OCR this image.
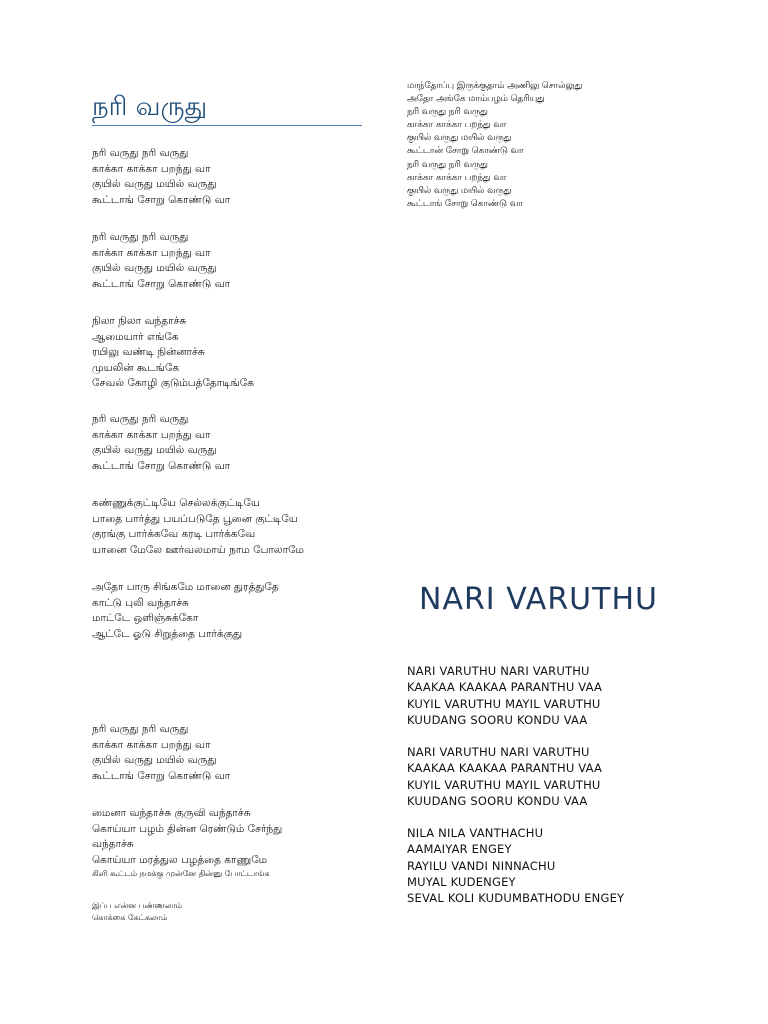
நரி வருது
நரி வருது நரி வருது
காக்கா காக்கா பறந்து வா
குயில் வருது மயில் வருது
கூட்டாங் சோறு கொண்டு வா
நரி வருது நரி வருது
காக்கா காக்கா பறந்து வா
குயில் வருது மயில் வருது
கூட்டாங் சோறு கொண்டு வா
நிலா நிலா வந்தாச்சு
ஆமையார் எங்கே
ரயிலு வண்டி நின்னாச்சு
முயலின் கூடங்கே
சேவல் கோழி குடும்பத்தோடிங்கே
நரி வருது நரி வருது
காக்கா காக்கா பறந்து வா
குயில் வருது மயில் வருது
கூட்டாங் சோறு கொண்டு வா
கண்ணுக்குட்டியே செல்லக்குட்டியே
பாதை பார்த்து பயப்படுதே பூனை குட்டியே
குரங்கு பார்க்கவே கரடி பார்க்கவே
யானை மேலே ஊர்வலமாய் நாம போலாமே
அதோ பாரு சிங்கமே மானை துரத்துதே
காட்டு புலி வந்தாச்சு
மாட்டே ஒளிஞ்சுக்கோ
ஆட்டே ஓடு சிறுத்தை பார்க்குது
நரி வருது நரி வருது
காக்கா காக்கா பறந்து வா
குயில் வருது மயில் வருது
கூட்டாங் சோறு கொண்டு வா
மைனா வந்தாச்சு குருவி வந்தாச்சு
கொய்யா பழம் தின்ன ரெண்டும் சேர்ந்து
வந்தாச்சு
கொய்யா மரத்துல பழத்தை காணுமே
கிளி கூட்டம் நமக்கு முன்னே தின்னு போட்டாங்க
இப்ப என்ன பண்ணலாம்
கொக்கை கேட்கலாம்
மாந்தோப்பு இருக்குதாம் அணிலு சொல்லுது
அதோ அங்கே மாம்பழம் தெரியுது
நரி வருது நரி வருது
காக்கா காக்கா பறந்து வா
குயில் வருது மயில் வருது
கூட்டான் சோறு கொண்டு வா
நரி வருது நரி வருது
காக்கா காக்கா பறந்து வா
குயில் வருது மயில் வருது
கூட்டாங் சோறு கொண்டு வா
NARI VARUTHU
NARI VARUTHU NARI VARUTHU
KAAKAA KAAKAA PARANTHU VAA
KUYIL VARUTHU MAYIL VARUTHU
KUUDANG SOORU KONDU VAA
NARI VARUTHU NARI VARUTHU
KAAKAA KAAKAA PARANTHU VAA
KUYIL VARUTHU MAYIL VARUTHU
KUUDANG SOORU KONDU VAA
NILA NILA VANTHACHU
AAMAIYAR ENGEY
RAYILU VANDI NINNACHU
MUYAL KUDENGEY
SEVAL KOLI KUDUMBATHODU ENGEY
